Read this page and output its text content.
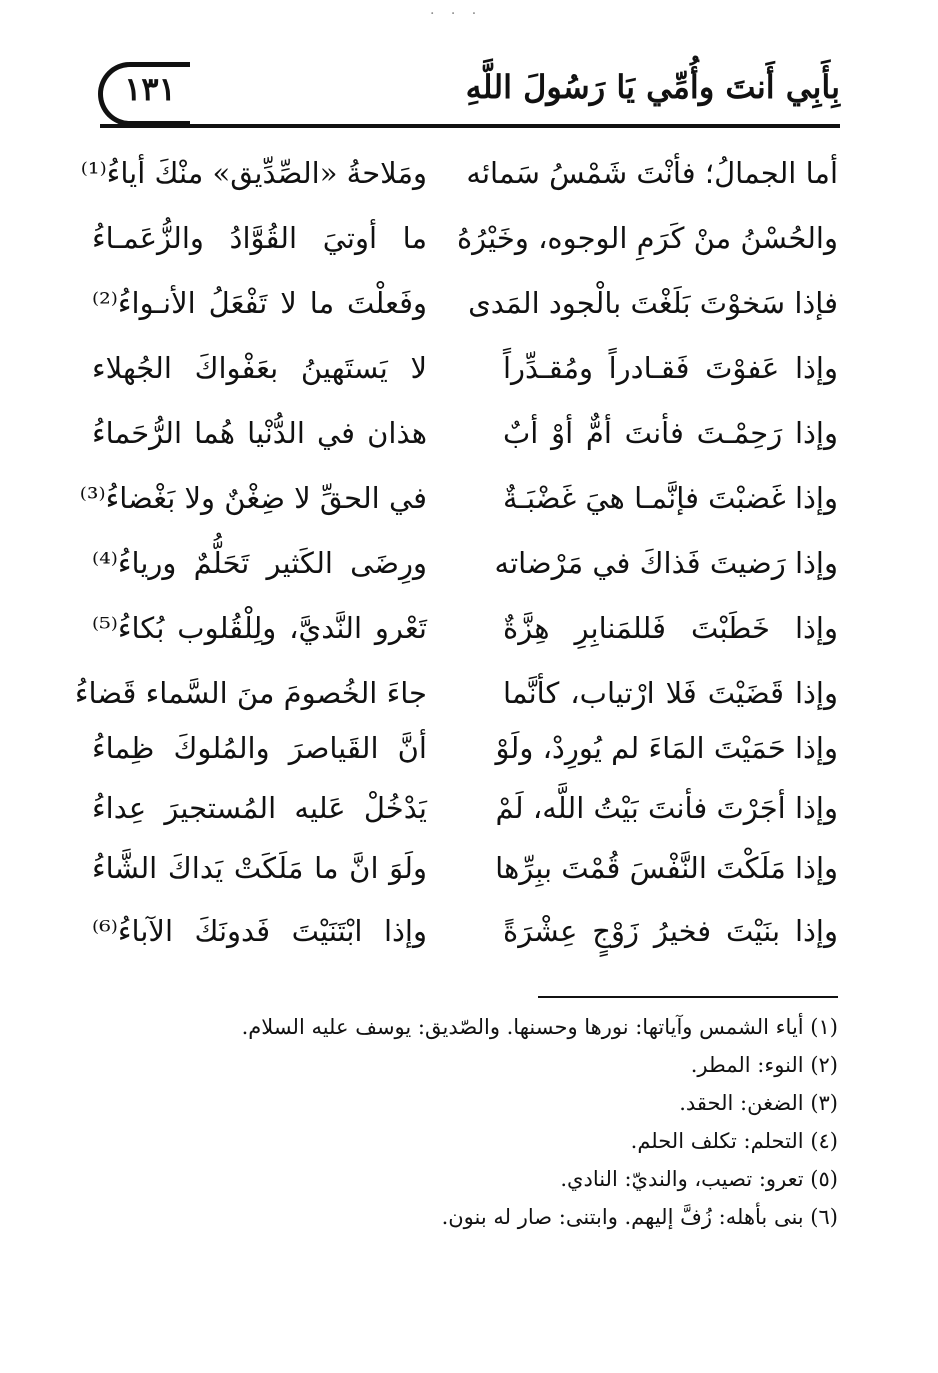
· · ·
بِأَبِي أَنتَ وأُمِّي يَا رَسُولَ اللَّهِ
١٣١
أما الجمالُ؛ فأنْتَ شَمْسُ سَمائه
ومَلاحةُ «الصِّدِّيق» منْكَ أياءُ⁽¹⁾
والحُسْنُ منْ كَرَمِ الوجوه، وخَيْرُهُ
ما أوتيَ القُوَّادُ والزُّعَمـاءُ
فإذا سَخوْتَ بَلَغْتَ بالْجود المَدى
وفَعلْتَ ما لا تَفْعَلُ الأنـواءُ⁽²⁾
وإذا عَفوْتَ فَقـادراً ومُقـدِّراً
لا يَستَهينُ بعَفْواكَ الجُهلاء
وإذا رَحِمْـتَ فأنتَ أمٌّ أوْ أبٌ
هذان في الدُّنْيا هُما الرُّحَماءُ
وإذا غَضبْتَ فإنَّمـا هيَ غَضْبَـةٌ
في الحقِّ لا ضِغْنٌ ولا بَغْضاءُ⁽³⁾
وإذا رَضيتَ فَذاكَ في مَرْضاته
ورِضَى الكَثير تَحَلُّمٌ ورياءُ⁽⁴⁾
وإذا خَطَبْتَ فَللمَنابِرِ هِزَّةٌ
تَعْرو النَّديَّ، ولِلْقُلوب بُكاءُ⁽⁵⁾
وإذا قَضَيْتَ فَلا ارْتياب، كأنَّما
جاءَ الخُصومَ منَ السَّماء قَضاءُ
وإذا حَمَيْتَ المَاءَ لم يُورِدْ، ولَوْ
أنَّ القَياصرَ والمُلوكَ ظِماءُ
وإذا أجَرْتَ فأنتَ بَيْتُ اللَّه، لَمْ
يَدْخُلْ عَليه المُستجيرَ عِداءُ
وإذا مَلَكْتَ النَّفْسَ قُمْتَ ببِرِّها
ولَوَ انَّ ما مَلَكَتْ يَداكَ الشَّاءُ
وإذا بنَيْتَ فخيرُ زَوْجٍ عِشْرَةً
وإذا ابْتَنَيْتَ فَدونَكَ الآباءُ⁽⁶⁾

(١) أياء الشمس وآياتها: نورها وحسنها. والصّديق: يوسف عليه السلام.

(٢) النوء: المطر.

(٣) الضغن: الحقد.

(٤) التحلم: تكلف الحلم.

(٥) تعرو: تصيب، والنديّ: النادي.

(٦) بنى بأهله: زُفَّ إليهم. وابتنى: صار له بنون.
